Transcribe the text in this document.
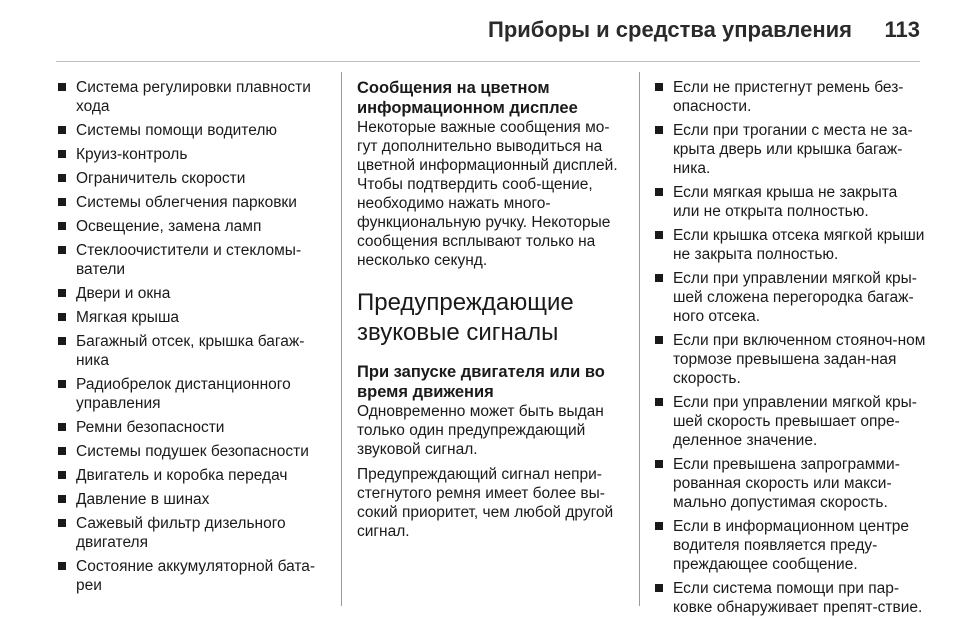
Приборы и средства управления 113
Система регулировки плавности хода
Системы помощи водителю
Круиз-контроль
Ограничитель скорости
Системы облегчения парковки
Освещение, замена ламп
Стеклоочистители и стекломы-ватели
Двери и окна
Мягкая крыша
Багажный отсек, крышка багаж-ника
Радиобрелок дистанционного управления
Ремни безопасности
Системы подушек безопасности
Двигатель и коробка передач
Давление в шинах
Сажевый фильтр дизельного двигателя
Состояние аккумуляторной бата-реи
Сообщения на цветном информационном дисплее

Некоторые важные сообщения мо-гут дополнительно выводиться на цветной информационный дисплей. Чтобы подтвердить сооб-щение, необходимо нажать много-функциональную ручку. Некоторые сообщения всплывают только на несколько секунд.

Предупреждающие звуковые сигналы
При запуске двигателя или во время движения

Одновременно может быть выдан только один предупреждающий звуковой сигнал.

Предупреждающий сигнал непри-стегнутого ремня имеет более вы-сокий приоритет, чем любой другой сигнал.

Если не пристегнут ремень без-опасности.
Если при трогании с места не за-крыта дверь или крышка багаж-ника.
Если мягкая крыша не закрыта или не открыта полностью.
Если крышка отсека мягкой крыши не закрыта полностью.
Если при управлении мягкой кры-шей сложена перегородка багаж-ного отсека.
Если при включенном стояноч-ном тормозе превышена задан-ная скорость.
Если при управлении мягкой кры-шей скорость превышает опре-деленное значение.
Если превышена запрограмми-рованная скорость или макси-мально допустимая скорость.
Если в информационном центре водителя появляется преду-преждающее сообщение.
Если система помощи при пар-ковке обнаруживает препят-ствие.
